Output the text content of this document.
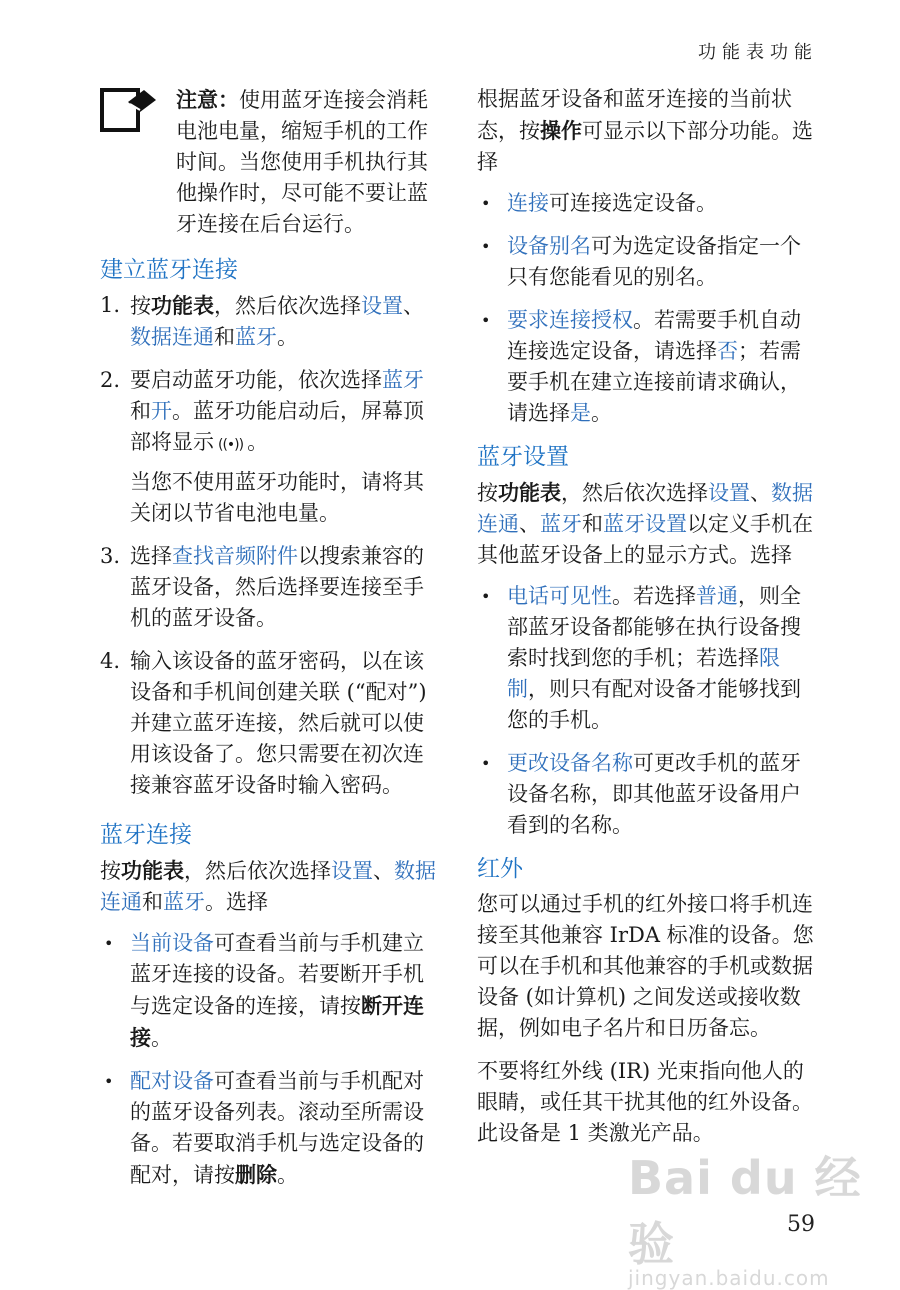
功能表功能

注意：使用蓝牙连接会消耗电池电量，缩短手机的工作时间。当您使用手机执行其他操作时，尽可能不要让蓝牙连接在后台运行。

建立蓝牙连接
1. 按功能表，然后依次选择设置、数据连通和蓝牙。
2. 要启动蓝牙功能，依次选择蓝牙和开。蓝牙功能启动后，屏幕顶部将显示 ((•)) 。

当您不使用蓝牙功能时，请将其关闭以节省电池电量。

3. 选择查找音频附件以搜索兼容的蓝牙设备，然后选择要连接至手机的蓝牙设备。
4. 输入该设备的蓝牙密码，以在该设备和手机间创建关联 (“配对”) 并建立蓝牙连接，然后就可以使用该设备了。您只需要在初次连接兼容蓝牙设备时输入密码。
蓝牙连接

按功能表，然后依次选择设置、数据连通和蓝牙。选择

• 当前设备可查看当前与手机建立蓝牙连接的设备。若要断开手机与选定设备的连接，请按断开连接。
• 配对设备可查看当前与手机配对的蓝牙设备列表。滚动至所需设备。若要取消手机与选定设备的配对，请按删除。

根据蓝牙设备和蓝牙连接的当前状态，按操作可显示以下部分功能。选择

• 连接可连接选定设备。
• 设备别名可为选定设备指定一个只有您能看见的别名。
• 要求连接授权。若需要手机自动连接选定设备，请选择否；若需要手机在建立连接前请求确认，请选择是。
蓝牙设置

按功能表，然后依次选择设置、数据连通、蓝牙和蓝牙设置以定义手机在其他蓝牙设备上的显示方式。选择

• 电话可见性。若选择普通，则全部蓝牙设备都能够在执行设备搜索时找到您的手机；若选择限制，则只有配对设备才能够找到您的手机。
• 更改设备名称可更改手机的蓝牙设备名称，即其他蓝牙设备用户看到的名称。
红外

您可以通过手机的红外接口将手机连接至其他兼容 IrDA 标准的设备。您可以在手机和其他兼容的手机或数据设备 (如计算机) 之间发送或接收数据，例如电子名片和日历备忘。

不要将红外线 (IR) 光束指向他人的眼睛，或任其干扰其他的红外设备。此设备是 1 类激光产品。

Bai du 经验
jingyan.baidu.com
59
